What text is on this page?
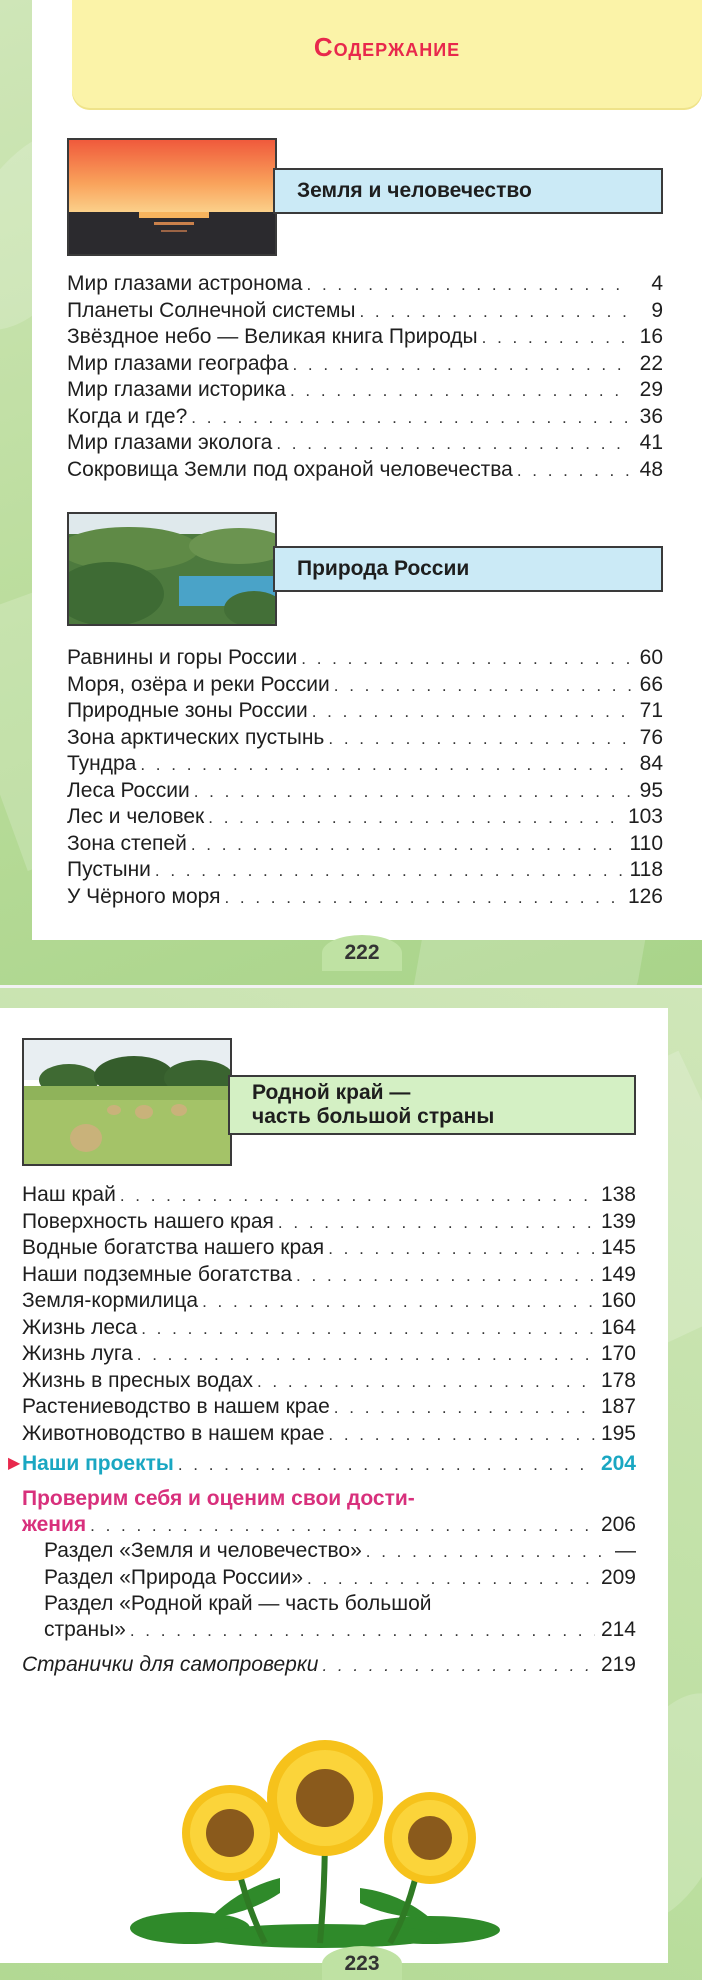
Содержание
Земля и человечество
Мир глазами астронома . . .	4
Планеты Солнечной системы . . .	9
Звёздное небо — Великая книга Природы . . .	16
Мир глазами географа . . .	22
Мир глазами историка . . .	29
Когда и где? . . .	36
Мир глазами эколога . . .	41
Сокровища Земли под охраной человечества . . .	48
Природа России
Равнины и горы России . . .	60
Моря, озёра и реки России . . .	66
Природные зоны России . . .	71
Зона арктических пустынь . . .	76
Тундра . . .	84
Леса России . . .	95
Лес и человек . . .	103
Зона степей . . .	110
Пустыни . . .	118
У Чёрного моря . . .	126
222
Родной край —
часть большой страны
Наш край . . .	138
Поверхность нашего края . . .	139
Водные богатства нашего края . . .	145
Наши подземные богатства . . .	149
Земля-кормилица . . .	160
Жизнь леса . . .	164
Жизнь луга . . .	170
Жизнь в пресных водах . . .	178
Растениеводство в нашем крае . . .	187
Животноводство в нашем крае . . .	195
▶ Наши проекты . . .	204
Проверим себя и оценим свои дости-
жения . . .	206
Раздел «Земля и человечество» . . .	—
Раздел «Природа России» . . .	209
Раздел «Родной край — часть большой
страны» . . .	214
Странички для самопроверки . . .	219
223
